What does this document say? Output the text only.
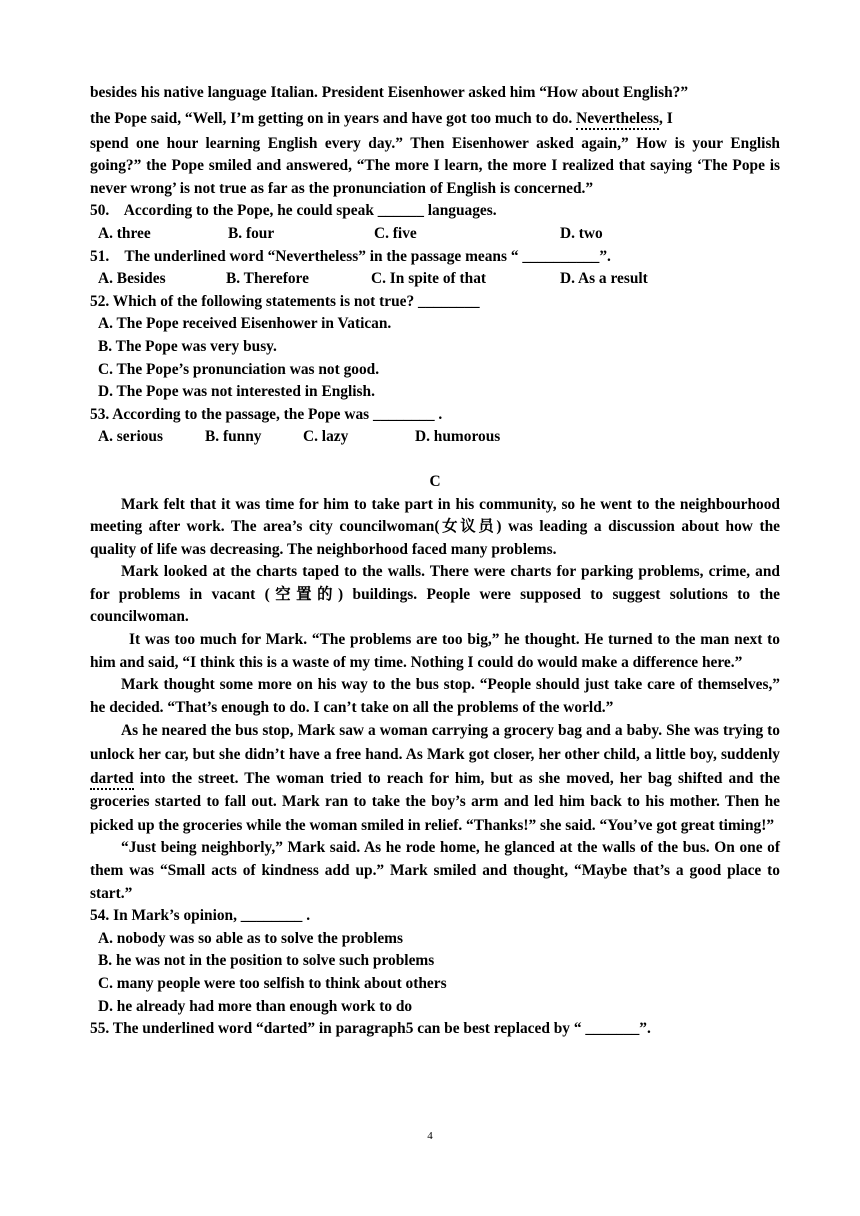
besides his native language Italian. President Eisenhower asked him “How about English?”

the Pope said, “Well, I’m getting on in years and have got too much to do. Nevertheless, I

spend one hour learning English every day.” Then Eisenhower asked again,” How is your English going?” the Pope smiled and answered, “The more I learn, the more I realized that saying ‘The Pope is never wrong’ is not true as far as the pronunciation of English is concerned.”

50.    According to the Pope, he could speak ______ languages.

A. three	B. four	C. five	D. two

51.    The underlined word “Nevertheless” in the passage means “ __________”.

A. Besides	B. Therefore	C. In spite of that	D. As a result

52. Which of the following statements is not true? ________

A. The Pope received Eisenhower in Vatican.

B. The Pope was very busy.

C. The Pope’s pronunciation was not good.

D. The Pope was not interested in English.

53. According to the passage, the Pope was ________ .

A. serious	B. funny	C. lazy	D. humorous

C

Mark felt that it was time for him to take part in his community, so he went to the neighbourhood meeting after work. The area’s city councilwoman(女议员) was leading a discussion about how the quality of life was decreasing. The neighborhood faced many problems.

Mark looked at the charts taped to the walls. There were charts for parking problems, crime, and for problems in vacant (空置的) buildings. People were supposed to suggest solutions to the councilwoman.

It was too much for Mark. “The problems are too big,” he thought. He turned to the man next to him and said, “I think this is a waste of my time. Nothing I could do would make a difference here.”

Mark thought some more on his way to the bus stop. “People should just take care of themselves,” he decided. “That’s enough to do. I can’t take on all the problems of the world.”

As he neared the bus stop, Mark saw a woman carrying a grocery bag and a baby. She was trying to unlock her car, but she didn’t have a free hand. As Mark got closer, her other child, a little boy, suddenly darted into the street. The woman tried to reach for him, but as she moved, her bag shifted and the groceries started to fall out. Mark ran to take the boy’s arm and led him back to his mother. Then he picked up the groceries while the woman smiled in relief. “Thanks!” she said. “You’ve got great timing!”

“Just being neighborly,” Mark said. As he rode home, he glanced at the walls of the bus. On one of them was “Small acts of kindness add up.” Mark smiled and thought, “Maybe that’s a good place to start.”

54. In Mark’s opinion, ________ .

A. nobody was so able as to solve the problems

B. he was not in the position to solve such problems

C. many people were too selfish to think about others

D. he already had more than enough work to do

55. The underlined word “darted” in paragraph5 can be best replaced by “ _______”.

4
